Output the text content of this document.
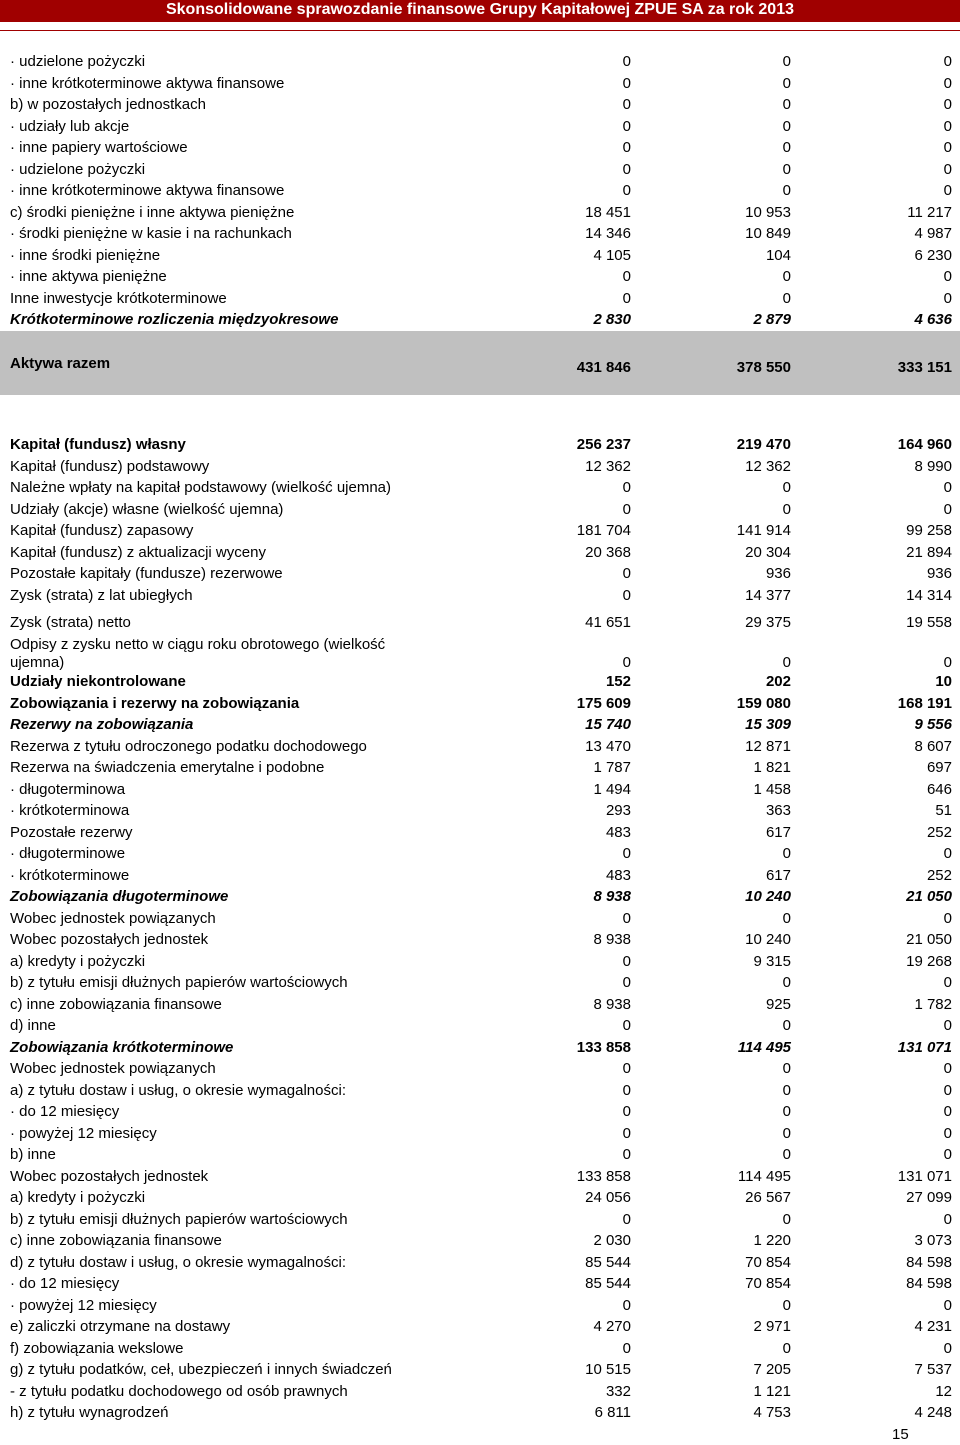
Skonsolidowane sprawozdanie finansowe Grupy Kapitałowej ZPUE SA za rok 2013
· udzielone pożyczki	0	0	0
· inne krótkoterminowe aktywa finansowe	0	0	0
b) w pozostałych jednostkach	0	0	0
· udziały lub akcje	0	0	0
· inne papiery wartościowe	0	0	0
· udzielone pożyczki	0	0	0
· inne krótkoterminowe aktywa finansowe	0	0	0
c) środki pieniężne i inne aktywa pieniężne	18 451	10 953	11 217
· środki pieniężne w kasie i na rachunkach	14 346	10 849	4 987
· inne środki pieniężne	4 105	104	6 230
· inne aktywa pieniężne	0	0	0
Inne inwestycje krótkoterminowe	0	0	0
Krótkoterminowe rozliczenia międzyokresowe	2 830	2 879	4 636
Aktywa razem	431 846	378 550	333 151
Kapitał (fundusz) własny	256 237	219 470	164 960
Kapitał (fundusz) podstawowy	12 362	12 362	8 990
Należne wpłaty na kapitał podstawowy (wielkość ujemna)	0	0	0
Udziały (akcje) własne (wielkość ujemna)	0	0	0
Kapitał (fundusz) zapasowy	181 704	141 914	99 258
Kapitał (fundusz) z aktualizacji wyceny	20 368	20 304	21 894
Pozostałe kapitały (fundusze) rezerwowe	0	936	936
Zysk (strata) z lat ubiegłych	0	14 377	14 314
Zysk (strata) netto	41 651	29 375	19 558
Odpisy z zysku netto w ciągu roku obrotowego (wielkość
ujemna)	0	0	0
Udziały niekontrolowane	152	202	10
Zobowiązania i rezerwy na zobowiązania	175 609	159 080	168 191
Rezerwy na zobowiązania	15 740	15 309	9 556
Rezerwa z tytułu odroczonego podatku dochodowego	13 470	12 871	8 607
Rezerwa na świadczenia emerytalne i podobne	1 787	1 821	697
· długoterminowa	1 494	1 458	646
· krótkoterminowa	293	363	51
Pozostałe rezerwy	483	617	252
· długoterminowe	0	0	0
· krótkoterminowe	483	617	252
Zobowiązania długoterminowe	8 938	10 240	21 050
Wobec jednostek powiązanych	0	0	0
Wobec pozostałych jednostek	8 938	10 240	21 050
a) kredyty i pożyczki	0	9 315	19 268
b) z tytułu emisji dłużnych papierów wartościowych	0	0	0
c) inne zobowiązania finansowe	8 938	925	1 782
d) inne	0	0	0
Zobowiązania krótkoterminowe	133 858	114 495	131 071
Wobec jednostek powiązanych	0	0	0
a) z tytułu dostaw i usług, o okresie wymagalności:	0	0	0
· do 12 miesięcy	0	0	0
· powyżej 12 miesięcy	0	0	0
b) inne	0	0	0
Wobec pozostałych jednostek	133 858	114 495	131 071
a) kredyty i pożyczki	24 056	26 567	27 099
b) z tytułu emisji dłużnych papierów wartościowych	0	0	0
c) inne zobowiązania finansowe	2 030	1 220	3 073
d) z tytułu dostaw i usług, o okresie wymagalności:	85 544	70 854	84 598
· do 12 miesięcy	85 544	70 854	84 598
· powyżej 12 miesięcy	0	0	0
e) zaliczki otrzymane na dostawy	4 270	2 971	4 231
f) zobowiązania wekslowe	0	0	0
g) z tytułu podatków, ceł, ubezpieczeń i innych świadczeń	10 515	7 205	7 537
- z tytułu podatku dochodowego od osób prawnych	332	1 121	12
h) z tytułu wynagrodzeń	6 811	4 753	4 248
15
